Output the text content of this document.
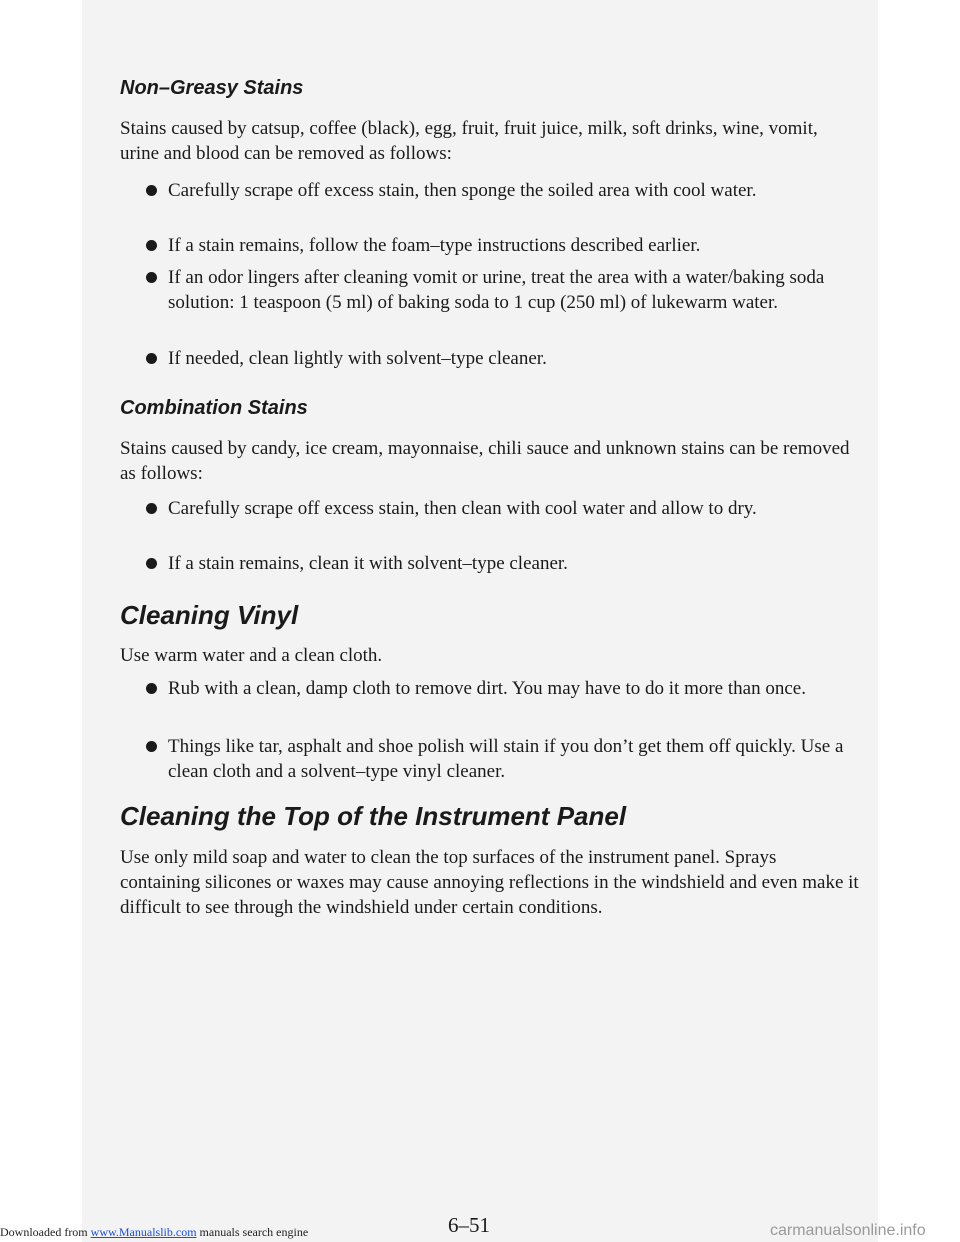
Non–Greasy Stains

Stains caused by catsup, coffee (black), egg, fruit, fruit juice, milk, soft drinks, wine, vomit, urine and blood can be removed as follows:

Carefully scrape off excess stain, then sponge the soiled area with cool water.
If a stain remains, follow the foam–type instructions described earlier.
If an odor lingers after cleaning vomit or urine, treat the area with a water/baking soda solution: 1 teaspoon (5 ml) of baking soda to 1 cup (250 ml) of lukewarm water.
If needed, clean lightly with solvent–type cleaner.
Combination Stains

Stains caused by candy, ice cream, mayonnaise, chili sauce and unknown stains can be removed as follows:

Carefully scrape off excess stain, then clean with cool water and allow to dry.
If a stain remains, clean it with solvent–type cleaner.
Cleaning Vinyl

Use warm water and a clean cloth.

Rub with a clean, damp cloth to remove dirt. You may have to do it more than once.
Things like tar, asphalt and shoe polish will stain if you don’t get them off quickly. Use a clean cloth and a solvent–type vinyl cleaner.
Cleaning the Top of the Instrument Panel

Use only mild soap and water to clean the top surfaces of the instrument panel. Sprays containing silicones or waxes may cause annoying reflections in the windshield and even make it difficult to see through the windshield under certain conditions.

Downloaded from www.Manualslib.com manuals search engine	6–51	carmanualsonline.info
